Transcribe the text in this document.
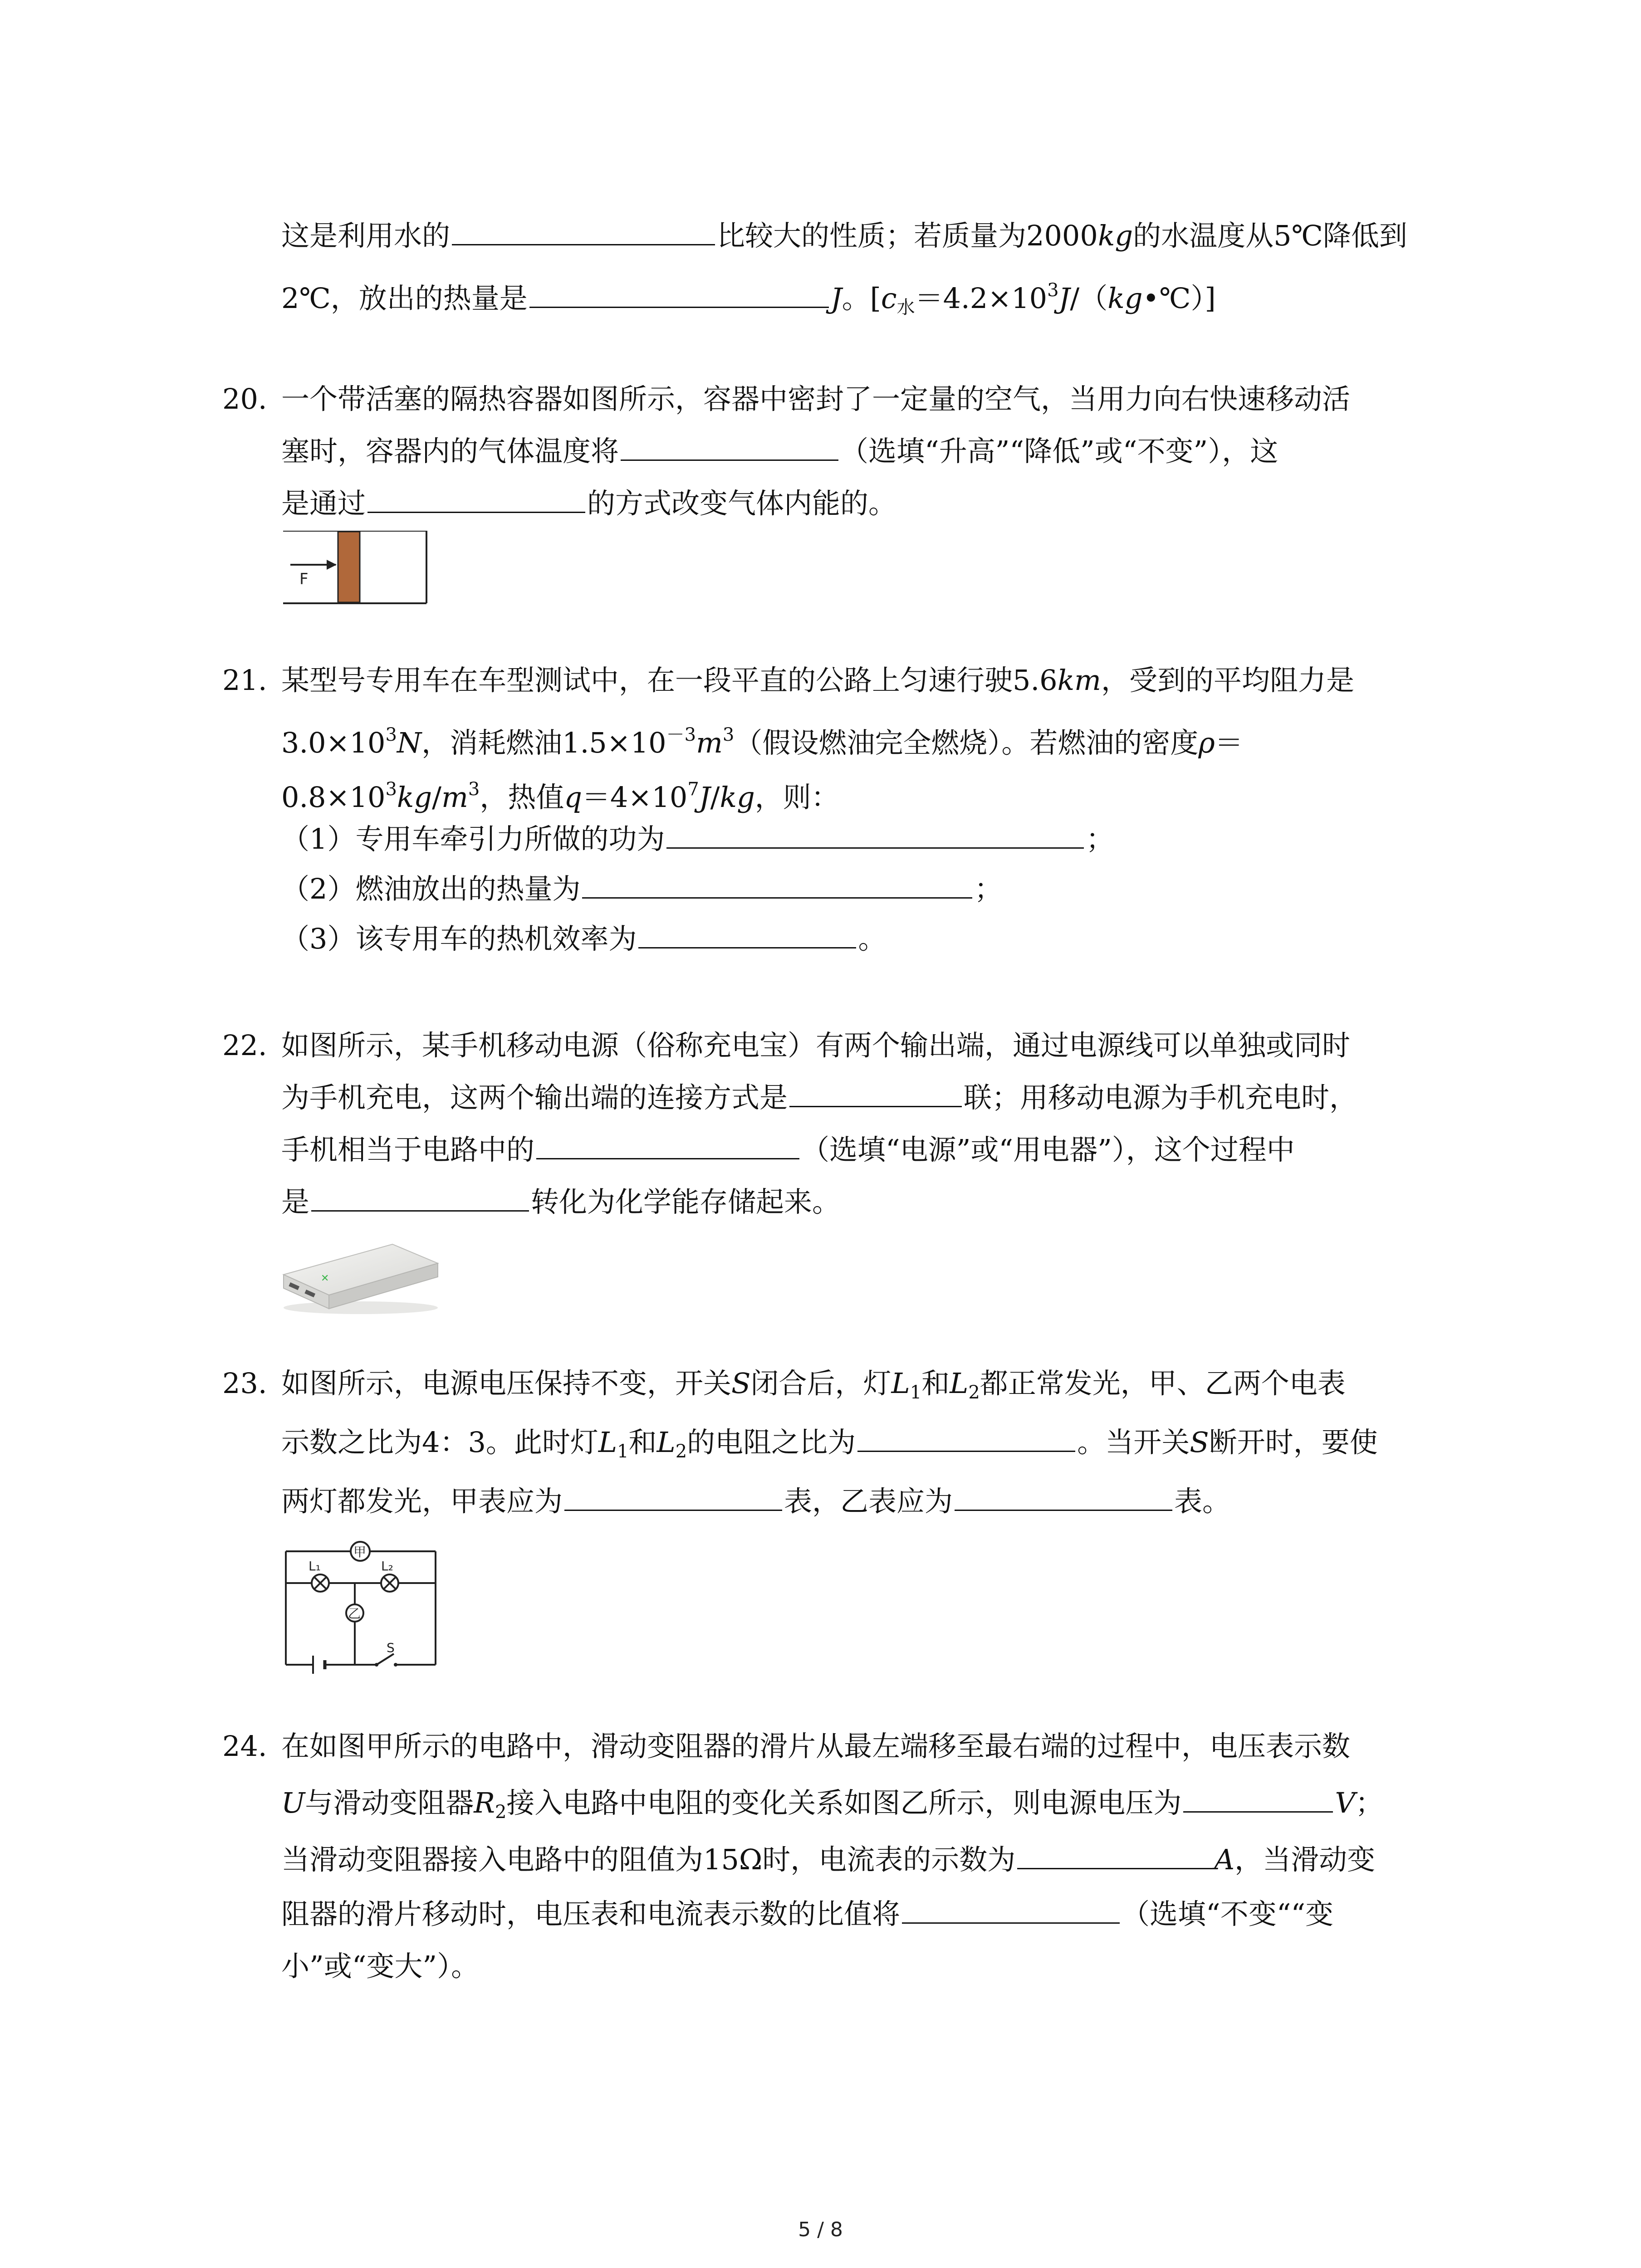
这是利用水的	比较大的性质；若质量为2000kg的水温度从5℃降低到
2℃，放出的热量是	J。$[c_水=4.2\times 10^3J/(kg•℃)]$
20. 一个带活塞的隔热容器如图所示，容器中密封了一定量的空气，当用力向右快速移动活
塞时，容器内的气体温度将	（选填“升高”“降低”或“不变”），这
是通过	的方式改变气体内能的。
F
21. 某型号专用车在车型测试中，在一段平直的公路上匀速行驶5.6km，受到的平均阻力是
$3.0\times 10^3N$，消耗燃油$1.5\times 10^{-3}m^3$（假设燃油完全燃烧）。若燃油的密度ρ＝
$0.8\times 10^3kg/m^3$，热值$q=4\times 10^7J/kg$，则：
（1）专用车牵引力所做的功为	；
（2）燃油放出的热量为	；
（3）该专用车的热机效率为	。
22. 如图所示，某手机移动电源（俗称充电宝）有两个输出端，通过电源线可以单独或同时
为手机充电，这两个输出端的连接方式是	联；用移动电源为手机充电时，
手机相当于电路中的	（选填“电源”或“用电器”），这个过程中
是	转化为化学能存储起来。
✕
23. 如图所示，电源电压保持不变，开关S闭合后，灯$L_1$和$L_2$都正常发光，甲、乙两个电表
示数之比为4：3。此时灯$L_1$和$L_2$的电阻之比为	。当开关S断开时，要使
两灯都发光，甲表应为	表，乙表应为	表。
甲
乙
L₁	L₂
S
24. 在如图甲所示的电路中，滑动变阻器的滑片从最左端移至最右端的过程中，电压表示数
U与滑动变阻器$R_2$接入电路中电阻的变化关系如图乙所示，则电源电压为	V；
当滑动变阻器接入电路中的阻值为15Ω时，电流表的示数为	A，当滑动变
阻器的滑片移动时，电压表和电流表示数的比值将	（选填“不变““变
小”或“变大”）。
5 / 8
